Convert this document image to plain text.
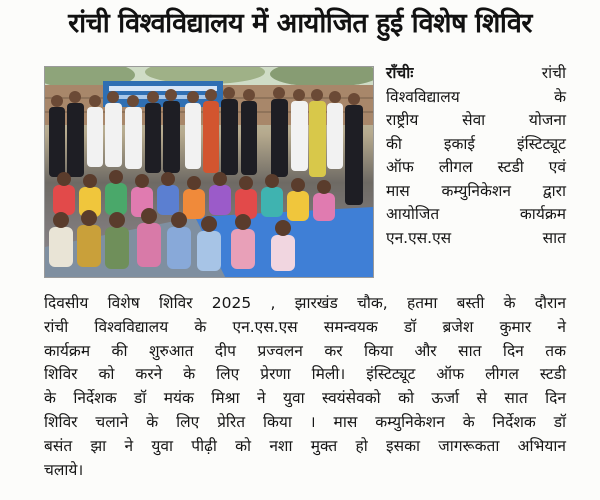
रांची विश्वविद्यालय में आयोजित हुई विशेष शिविर
राँचीः	रांची
विश्वविद्यालय के
राष्ट्रीय सेवा योजना
की इकाई इंस्टिट्यूट
ऑफ लीगल स्टडी एवं
मास कम्युनिकेशन द्वारा
आयोजित कार्यक्रम
एन.एस.एस सात
दिवसीय विशेष शिविर 2025 , झारखंड चौक, हतमा बस्ती के दौरान
रांची विश्वविद्यालय के एन.एस.एस समन्वयक डॉ ब्रजेश कुमार ने
कार्यक्रम की शुरुआत दीप प्रज्वलन कर किया और सात दिन तक
शिविर को करने के लिए प्रेरणा मिली। इंस्टिट्यूट ऑफ लीगल स्टडी
के निर्देशक डॉ मयंक मिश्रा ने युवा स्वयंसेवको को ऊर्जा से सात दिन
शिविर चलाने के लिए प्रेरित किया । मास कम्युनिकेशन के निर्देशक डॉ
बसंत झा ने युवा पीढ़ी को नशा मुक्त हो इसका जागरूकता अभियान
चलाये।
